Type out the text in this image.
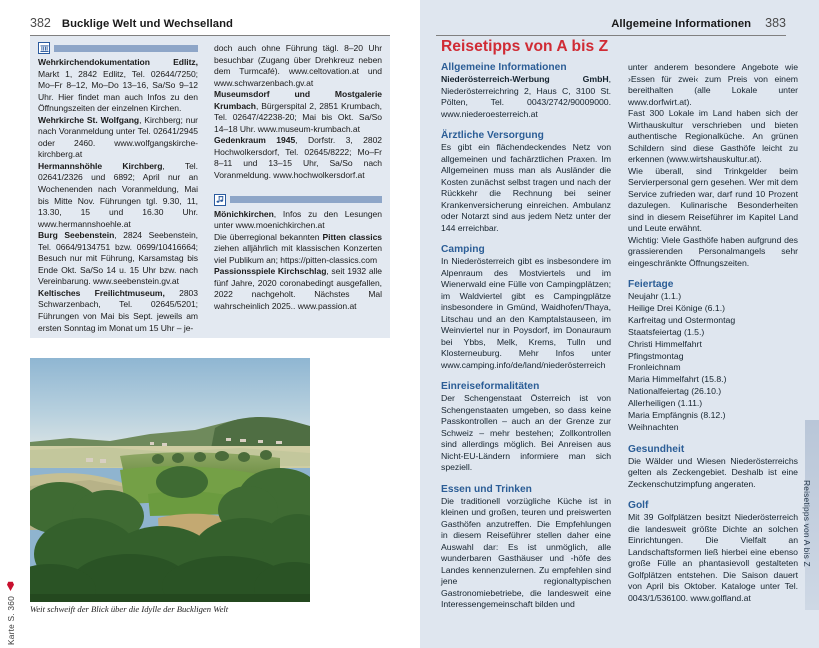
382 Bucklige Welt und Wechselland

Wehrkirchendokumentation Edlitz, Markt 1, 2842 Edlitz, Tel. 02644/7250; Mo–Fr 8–12, Mo–Do 13–16, Sa/So 9–12 Uhr. Hier findet man auch Infos zu den Öffnungszeiten der einzelnen Kirchen.

Wehrkirche St. Wolfgang, Kirchberg; nur nach Voranmeldung unter Tel. 02641/2945 oder 2460. www.wolfgangskirche-kirchberg.at

Hermannshöhle Kirchberg, Tel. 02641/2326 und 6892; April nur an Wochenenden nach Voranmeldung, Mai bis Mitte Nov. Führungen tgl. 9.30, 11, 13.30, 15 und 16.30 Uhr. www.hermannshoehle.at

Burg Seebenstein, 2824 Seebenstein, Tel. 0664/9134751 bzw. 0699/10416664; Besuch nur mit Führung, Karsamstag bis Ende Okt. Sa/So 14 u. 15 Uhr bzw. nach Vereinbarung. www.seebenstein.gv.at

Keltisches Freilichtmuseum, 2803 Schwarzenbach, Tel. 02645/5201; Führungen von Mai bis Sept. jeweils am ersten Sonntag im Monat um 15 Uhr – je-

doch auch ohne Führung tägl. 8–20 Uhr besuchbar (Zugang über Drehkreuz neben dem Turmcafé). www.celtovation.at und www.schwarzenbach.gv.at

Museumsdorf und Mostgalerie Krumbach, Bürgerspital 2, 2851 Krumbach, Tel. 02647/42238-20; Mai bis Okt. Sa/So 14–18 Uhr. www.museum-krumbach.at

Gedenkraum 1945, Dorfstr. 3, 2802 Hochwolkersdorf, Tel. 02645/8222; Mo–Fr 8–11 und 13–15 Uhr, Sa/So nach Voranmeldung. www.hochwolkersdorf.at

Mönichkirchen, Infos zu den Lesungen unter www.moenichkirchen.at

Die überregional bekannten Pitten classics ziehen alljährlich mit klassischen Konzerten viel Publikum an; https://pitten-classics.com

Passionsspiele Kirchschlag, seit 1932 alle fünf Jahre, 2020 coronabedingt ausgefallen, 2022 nachgeholt. Nächstes Mal wahrscheinlich 2025.. www.passion.at

Weit schweift der Blick über die Idylle der Buckligen Welt
Karte S. 360
Allgemeine Informationen 383
Reisetipps von A bis Z
Allgemeine Informationen
Niederösterreich-Werbung GmbH, Niederösterreichring 2, Haus C, 3100 St. Pölten, Tel. 0043/2742/90009000. www.niederoesterreich.at
Ärztliche Versorgung
Es gibt ein flächendeckendes Netz von allgemeinen und fachärztlichen Praxen. Im Allgemeinen muss man als Ausländer die Kosten zunächst selbst tragen und nach der Rückkehr die Rechnung bei seiner Krankenversicherung einreichen. Ambulanz oder Notarzt sind aus jedem Netz unter der 144 erreichbar.
Camping
In Niederösterreich gibt es insbesondere im Alpenraum des Mostviertels und im Wienerwald eine Fülle von Campingplätzen; im Waldviertel gibt es Campingplätze insbesondere in Gmünd, Waidhofen/Thaya, Litschau und an den Kamptalstauseen, im Weinviertel nur in Poysdorf, im Donauraum bei Ybbs, Melk, Krems, Tulln und Klosterneuburg. Mehr Infos unter www.camping.info/de/land/niederösterreich
Einreiseformalitäten
Der Schengenstaat Österreich ist von Schengenstaaten umgeben, so dass keine Passkontrollen – auch an der Grenze zur Schweiz – mehr bestehen; Zollkontrollen sind allerdings möglich. Bei Anreisen aus Nicht-EU-Ländern informiere man sich speziell.
Essen und Trinken
Die traditionell vorzügliche Küche ist in kleinen und großen, teuren und preiswerten Gasthöfen anzutreffen. Die Empfehlungen in diesem Reiseführer stellen daher eine Auswahl dar: Es ist unmöglich, alle wunderbaren Gasthäuser und -höfe des Landes kennenzulernen. Zu empfehlen sind jene regionaltypischen Gastronomiebetriebe, die landesweit eine Interessengemeinschaft bilden und
unter anderem besondere Angebote wie ›Essen für zwei‹ zum Preis von einem bereithalten (alle Lokale unter www.dorfwirt.at).
Fast 300 Lokale im Land haben sich der Wirthauskultur verschrieben und bieten authentische Regionalküche. An grünen Schildern sind diese Gasthöfe leicht zu erkennen (www.wirtshauskultur.at).
Wie überall, sind Trinkgelder beim Servierpersonal gern gesehen. Wer mit dem Service zufrieden war, darf rund 10 Prozent dazulegen. Kulinarische Besonderheiten sind in diesem Reiseführer im Kapitel Land und Leute erwähnt.
Wichtig: Viele Gasthöfe haben aufgrund des grassierenden Personalmangels sehr eingeschränkte Öffnungszeiten.
Feiertage
Neujahr (1.1.)
Heilige Drei Könige (6.1.)
Karfreitag und Ostermontag
Staatsfeiertag (1.5.)
Christi Himmelfahrt
Pfingstmontag
Fronleichnam
Maria Himmelfahrt (15.8.)
Nationalfeiertag (26.10.)
Allerheiligen (1.11.)
Maria Empfängnis (8.12.)
Weihnachten
Gesundheit
Die Wälder und Wiesen Niederösterreichs gelten als Zeckengebiet. Deshalb ist eine Zeckenschutzimpfung angeraten.
Golf
Mit 39 Golfplätzen besitzt Niederösterreich die landesweit größte Dichte an solchen Einrichtungen. Die Vielfalt an Landschaftsformen ließ hierbei eine ebenso große Fülle an phantasievoll gestalteten Golfplätzen entstehen. Die Saison dauert von April bis Oktober. Kataloge unter Tel. 0043/1/536100. www.golfland.at
Reisetipps von A bis Z
